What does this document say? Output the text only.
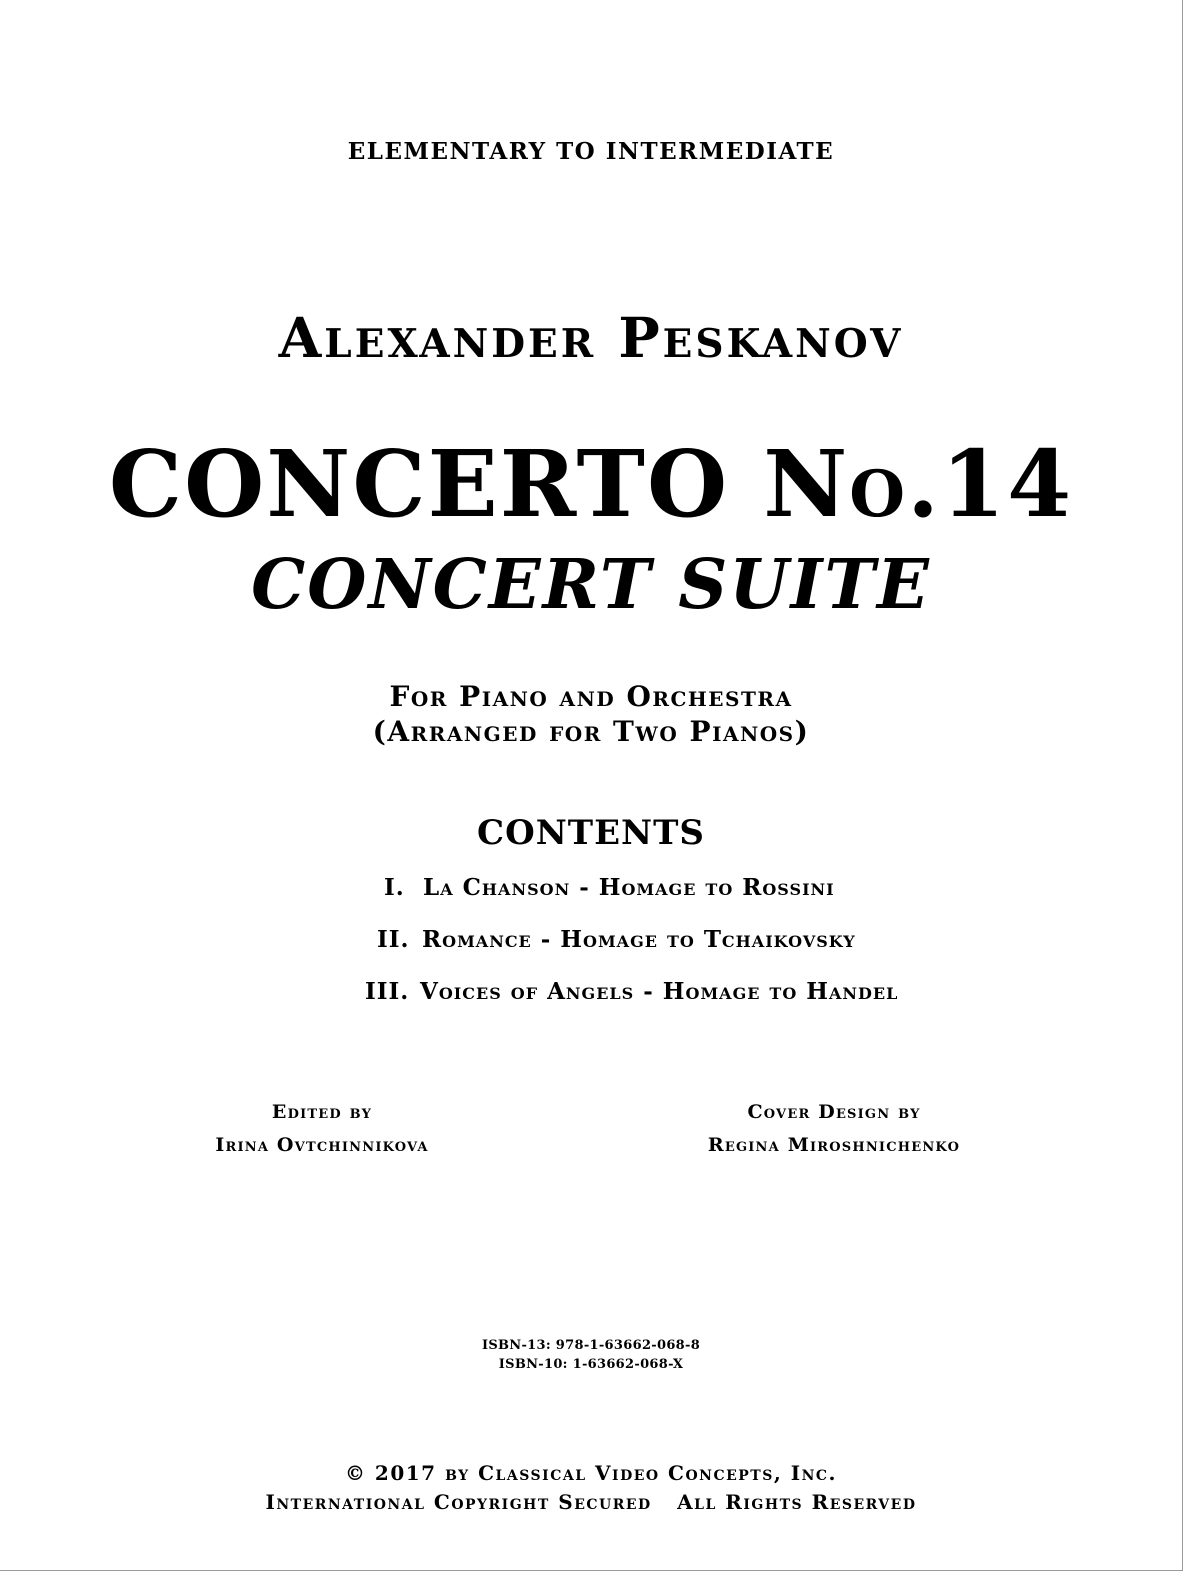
ELEMENTARY TO INTERMEDIATE
Alexander Peskanov
CONCERTO No.14
CONCERT SUITE
For Piano and Orchestra
(Arranged for Two Pianos)
CONTENTS
I. La Chanson - Homage to Rossini
II. Romance - Homage to Tchaikovsky
III. Voices of Angels - Homage to Handel
Edited by
Irina Ovtchinnikova
Cover Design by
Regina Miroshnichenko
ISBN-13: 978-1-63662-068-8
ISBN-10: 1-63662-068-X
© 2017 by Classical Video Concepts, Inc.
International Copyright Secured   All Rights Reserved
